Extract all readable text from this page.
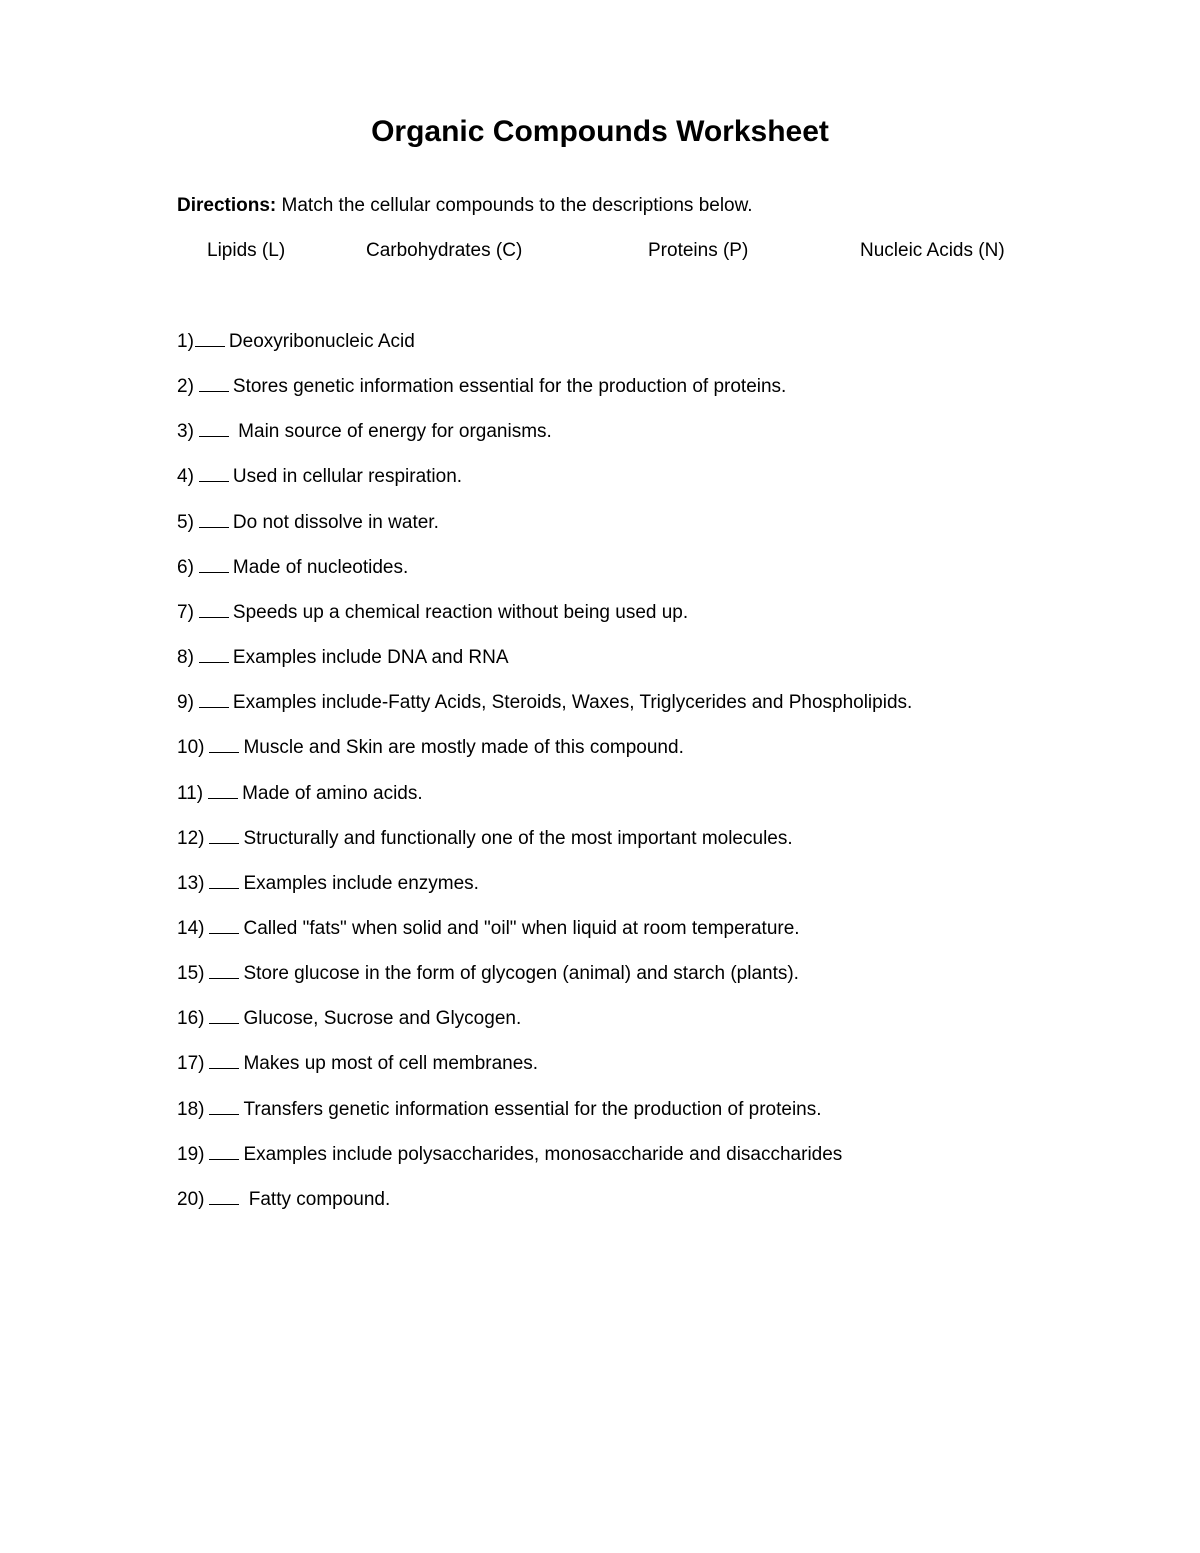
Organic Compounds Worksheet
Directions: Match the cellular compounds to the descriptions below.
Lipids (L)	Carbohydrates (C)	Proteins (P)	Nucleic Acids (N)
1) Deoxyribonucleic Acid
2) Stores genetic information essential for the production of proteins.
3) Main source of energy for organisms.
4) Used in cellular respiration.
5) Do not dissolve in water.
6) Made of nucleotides.
7) Speeds up a chemical reaction without being used up.
8) Examples include DNA and RNA
9) Examples include-Fatty Acids, Steroids, Waxes, Triglycerides and Phospholipids.
10) Muscle and Skin are mostly made of this compound.
11) Made of amino acids.
12) Structurally and functionally one of the most important molecules.
13) Examples include enzymes.
14) Called "fats" when solid and "oil" when liquid at room temperature.
15) Store glucose in the form of glycogen (animal) and starch (plants).
16) Glucose, Sucrose and Glycogen.
17) Makes up most of cell membranes.
18) Transfers genetic information essential for the production of proteins.
19) Examples include polysaccharides, monosaccharide and disaccharides
20) Fatty compound.
